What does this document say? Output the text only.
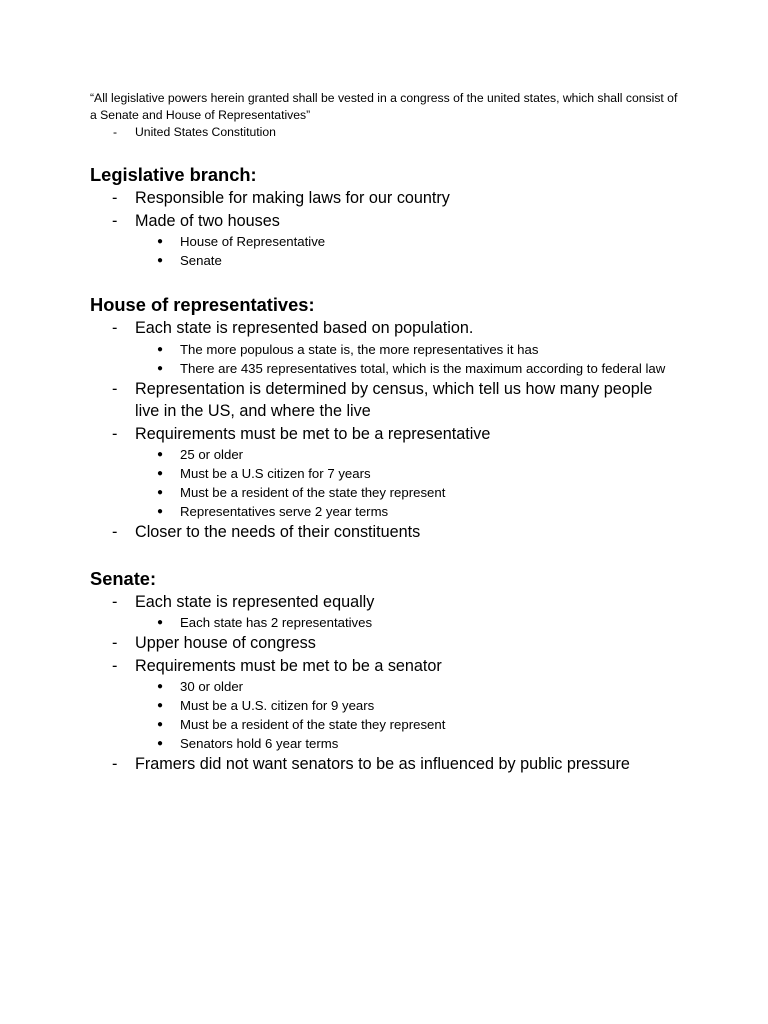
“All legislative powers herein granted shall be vested in a congress of the united states, which shall consist of a Senate and House of Representatives”

- United States Constitution

Legislative branch:
- Responsible for making laws for our country
- Made of two houses
● House of Representative
● Senate
House of representatives:
- Each state is represented based on population.
● The more populous a state is, the more representatives it has
● There are 435 representatives total, which is the maximum according to federal law
- Representation is determined by census, which tell us how many people live in the US, and where the live
- Requirements must be met to be a representative
● 25 or older
● Must be a U.S citizen for 7 years
● Must be a resident of the state they represent
● Representatives serve 2 year terms
- Closer to the needs of their constituents
Senate:
- Each state is represented equally
● Each state has 2 representatives
- Upper house of congress
- Requirements must be met to be a senator
● 30 or older
● Must be a U.S. citizen for 9 years
● Must be a resident of the state they represent
● Senators hold 6 year terms
- Framers did not want senators to be as influenced by public pressure
